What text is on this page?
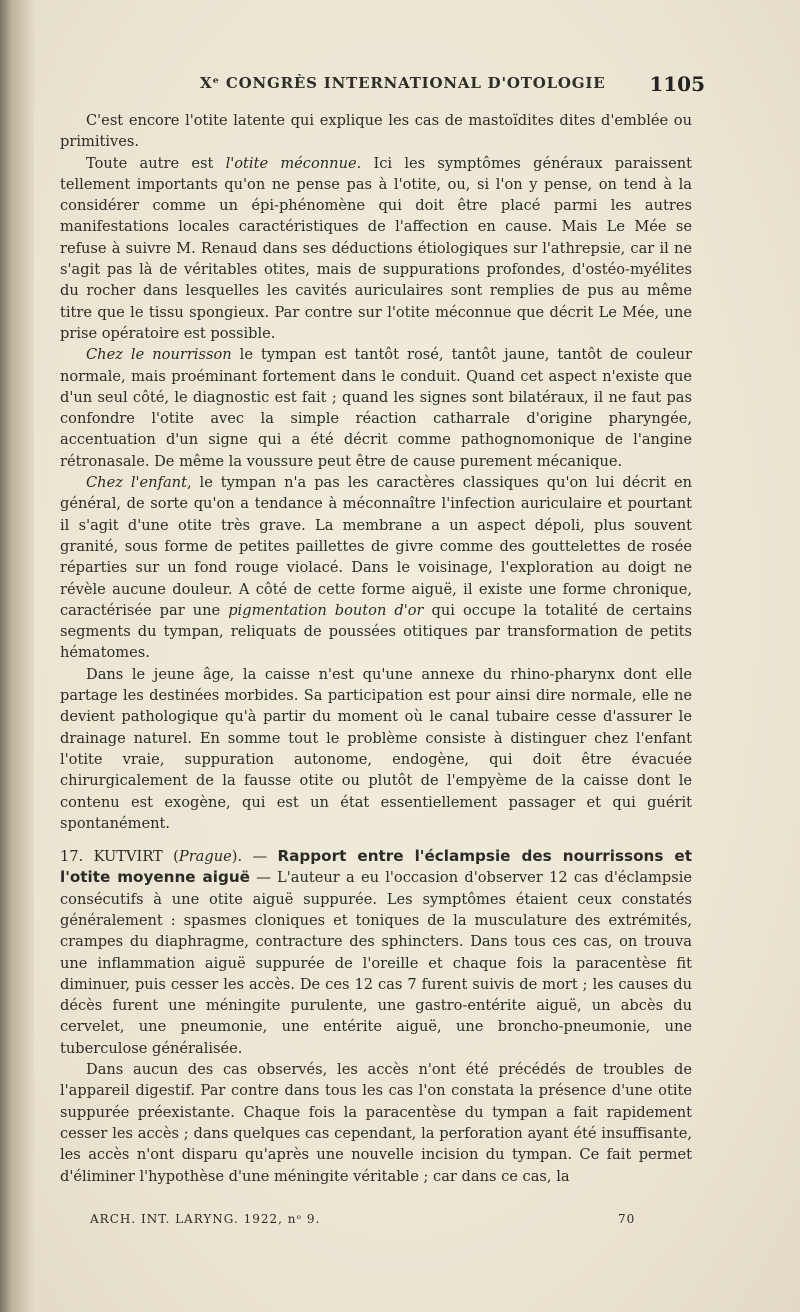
Xᵉ CONGRÈS INTERNATIONAL D'OTOLOGIE 1105

C'est encore l'otite latente qui explique les cas de mastoïdites dites d'emblée ou primitives.

Toute autre est l'otite méconnue. Ici les symptômes généraux paraissent tellement importants qu'on ne pense pas à l'otite, ou, si l'on y pense, on tend à la considérer comme un épi-phénomène qui doit être placé parmi les autres manifestations locales caractéristiques de l'affection en cause. Mais Le Mée se refuse à suivre M. Renaud dans ses déductions étiologiques sur l'athrepsie, car il ne s'agit pas là de véritables otites, mais de suppurations profondes, d'ostéo-myélites du rocher dans lesquelles les cavités auriculaires sont remplies de pus au même titre que le tissu spongieux. Par contre sur l'otite méconnue que décrit Le Mée, une prise opératoire est possible.

Chez le nourrisson le tympan est tantôt rosé, tantôt jaune, tantôt de couleur normale, mais proéminant fortement dans le conduit. Quand cet aspect n'existe que d'un seul côté, le diagnostic est fait ; quand les signes sont bilatéraux, il ne faut pas confondre l'otite avec la simple réaction catharrale d'origine pharyngée, accentuation d'un signe qui a été décrit comme pathognomonique de l'angine rétronasale. De même la voussure peut être de cause purement mécanique.

Chez l'enfant, le tympan n'a pas les caractères classiques qu'on lui décrit en général, de sorte qu'on a tendance à méconnaître l'infection auriculaire et pourtant il s'agit d'une otite très grave. La membrane a un aspect dépoli, plus souvent granité, sous forme de petites paillettes de givre comme des gouttelettes de rosée réparties sur un fond rouge violacé. Dans le voisinage, l'exploration au doigt ne révèle aucune douleur. A côté de cette forme aiguë, il existe une forme chronique, caractérisée par une pigmentation bouton d'or qui occupe la totalité de certains segments du tympan, reliquats de poussées otitiques par transformation de petits hématomes.

Dans le jeune âge, la caisse n'est qu'une annexe du rhino-pharynx dont elle partage les destinées morbides. Sa participation est pour ainsi dire normale, elle ne devient pathologique qu'à partir du moment où le canal tubaire cesse d'assurer le drainage naturel. En somme tout le problème consiste à distinguer chez l'enfant l'otite vraie, suppuration autonome, endogène, qui doit être évacuée chirurgicalement de la fausse otite ou plutôt de l'empyème de la caisse dont le contenu est exogène, qui est un état essentiellement passager et qui guérit spontanément.

17. KUTVIRT (Prague). — Rapport entre l'éclampsie des nourrissons et l'otite moyenne aiguë — L'auteur a eu l'occasion d'observer 12 cas d'éclampsie consécutifs à une otite aiguë suppurée. Les symptômes étaient ceux constatés généralement : spasmes cloniques et toniques de la musculature des extrémités, crampes du diaphragme, contracture des sphincters. Dans tous ces cas, on trouva une inflammation aiguë suppurée de l'oreille et chaque fois la paracentèse fit diminuer, puis cesser les accès. De ces 12 cas 7 furent suivis de mort ; les causes du décès furent une méningite purulente, une gastro-entérite aiguë, un abcès du cervelet, une pneumonie, une entérite aiguë, une broncho-pneumonie, une tuberculose généralisée.

Dans aucun des cas observés, les accès n'ont été précédés de troubles de l'appareil digestif. Par contre dans tous les cas l'on constata la présence d'une otite suppurée préexistante. Chaque fois la paracentèse du tympan a fait rapidement cesser les accès ; dans quelques cas cependant, la perforation ayant été insuffisante, les accès n'ont disparu qu'après une nouvelle incision du tympan. Ce fait permet d'éliminer l'hypothèse d'une méningite véritable ; car dans ce cas, la

ARCH. INT. LARYNG. 1922, nᵒ 9.	70
